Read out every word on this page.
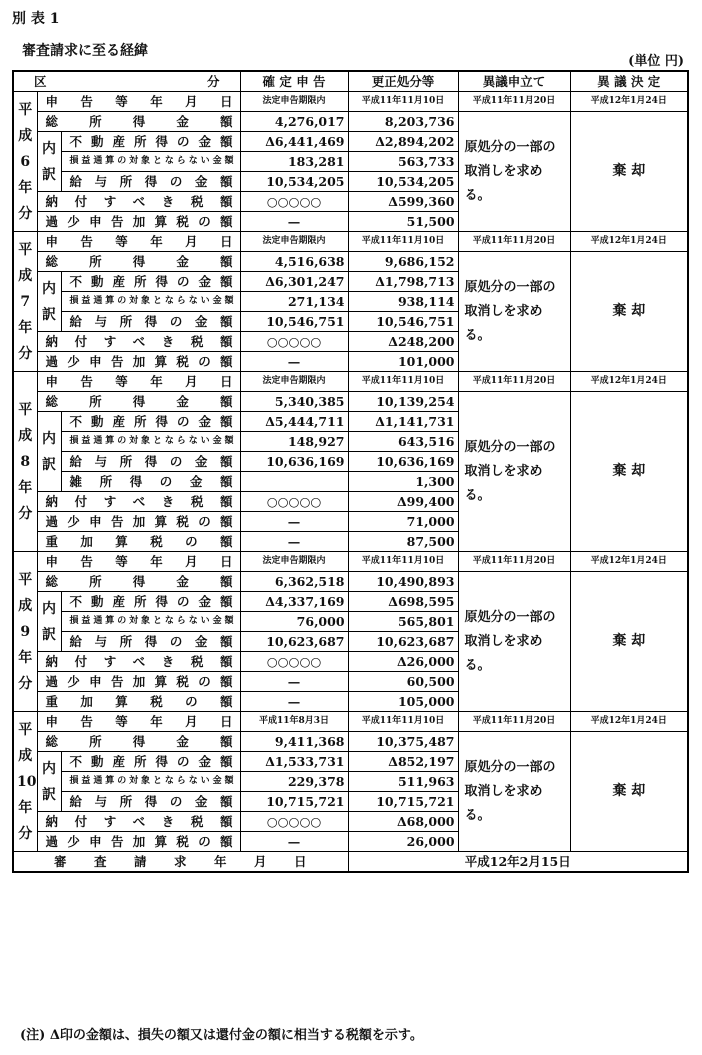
別 表 1
審査請求に至る経緯
(単位 円)
区 分			確 定 申 告	更正処分等	異議申立て	異 議 決 定
平成6年分	申告等年月日		法定申告期限内	平成11年11月10日	平成11年11月20日	平成12年1月24日
	総所得金額		4,276,017	8,203,736	原処分の一部の取消しを求める。	棄 却
	内訳	不動産所得の金額	Δ6,441,469	Δ2,894,202		
		損益通算の対象とならない金額	183,281	563,733		
		給与所得の金額	10,534,205	10,534,205		
	納付すべき税額		○○○○○	Δ599,360		
	過少申告加算税の額		—	51,500		
平成7年分	申告等年月日		法定申告期限内	平成11年11月10日	平成11年11月20日	平成12年1月24日
	総所得金額		4,516,638	9,686,152	原処分の一部の取消しを求める。	棄 却
	内訳	不動産所得の金額	Δ6,301,247	Δ1,798,713		
		損益通算の対象とならない金額	271,134	938,114		
		給与所得の金額	10,546,751	10,546,751		
	納付すべき税額		○○○○○	Δ248,200		
	過少申告加算税の額		—	101,000		
平成8年分	申告等年月日		法定申告期限内	平成11年11月10日	平成11年11月20日	平成12年1月24日
	総所得金額		5,340,385	10,139,254	原処分の一部の取消しを求める。	棄 却
	内訳	不動産所得の金額	Δ5,444,711	Δ1,141,731		
		損益通算の対象とならない金額	148,927	643,516		
		給与所得の金額	10,636,169	10,636,169		
		雑所得の金額		1,300		
	納付すべき税額		○○○○○	Δ99,400		
	過少申告加算税の額		—	71,000		
	重加算税の額		—	87,500		
平成9年分	申告等年月日		法定申告期限内	平成11年11月10日	平成11年11月20日	平成12年1月24日
	総所得金額		6,362,518	10,490,893	原処分の一部の取消しを求める。	棄 却
	内訳	不動産所得の金額	Δ4,337,169	Δ698,595		
		損益通算の対象とならない金額	76,000	565,801		
		給与所得の金額	10,623,687	10,623,687		
	納付すべき税額		○○○○○	Δ26,000		
	過少申告加算税の額		—	60,500		
	重加算税の額		—	105,000		
平成10年分	申告等年月日		平成11年8月3日	平成11年11月10日	平成11年11月20日	平成12年1月24日
	総所得金額		9,411,368	10,375,487	原処分の一部の取消しを求める。	棄 却
	内訳	不動産所得の金額	Δ1,533,731	Δ852,197		
		損益通算の対象とならない金額	229,378	511,963		
		給与所得の金額	10,715,721	10,715,721		
	納付すべき税額		○○○○○	Δ68,000		
	過少申告加算税の額		—	26,000		
審査請求年月日				平成12年2月15日		
(注) Δ印の金額は、損失の額又は還付金の額に相当する税額を示す。
